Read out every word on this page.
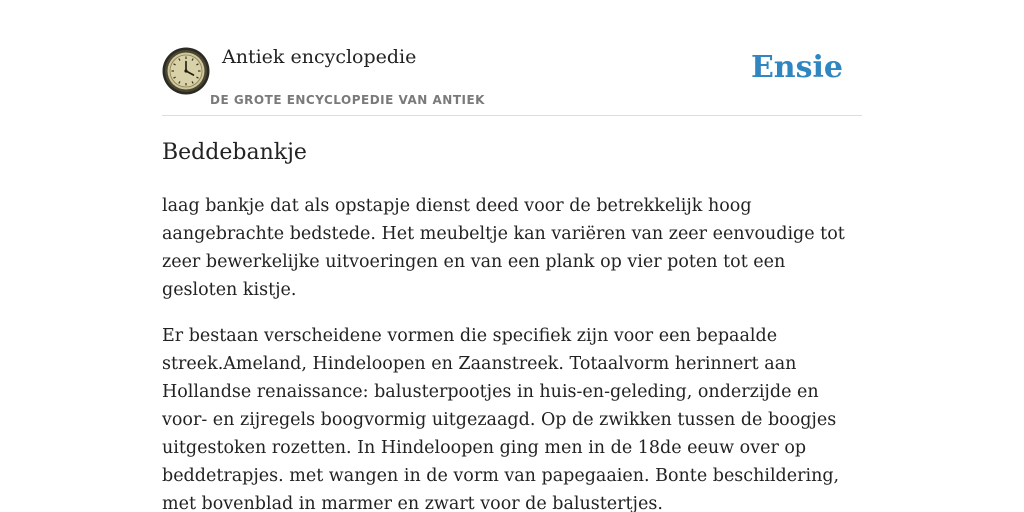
Antiek encyclopedie
DE GROTE ENCYCLOPEDIE VAN ANTIEK
Ensie
Beddebankje

laag bankje dat als opstapje dienst deed voor de betrekkelijk hoog aangebrachte bedstede. Het meubeltje kan variëren van zeer eenvoudige tot zeer bewerkelijke uitvoeringen en van een plank op vier poten tot een gesloten kistje.

Er bestaan verscheidene vormen die specifiek zijn voor een bepaalde streek.Ameland, Hindeloopen en Zaanstreek. Totaalvorm herinnert aan Hollandse renaissance: balusterpootjes in huis-en-geleding, onderzijde en voor- en zijregels boogvormig uitgezaagd. Op de zwikken tussen de boogjes uitgestoken rozetten. In Hindeloopen ging men in de 18de eeuw over op beddetrapjes. met wangen in de vorm van papegaaien. Bonte beschildering, met bovenblad in marmer en zwart voor de balustertjes.
